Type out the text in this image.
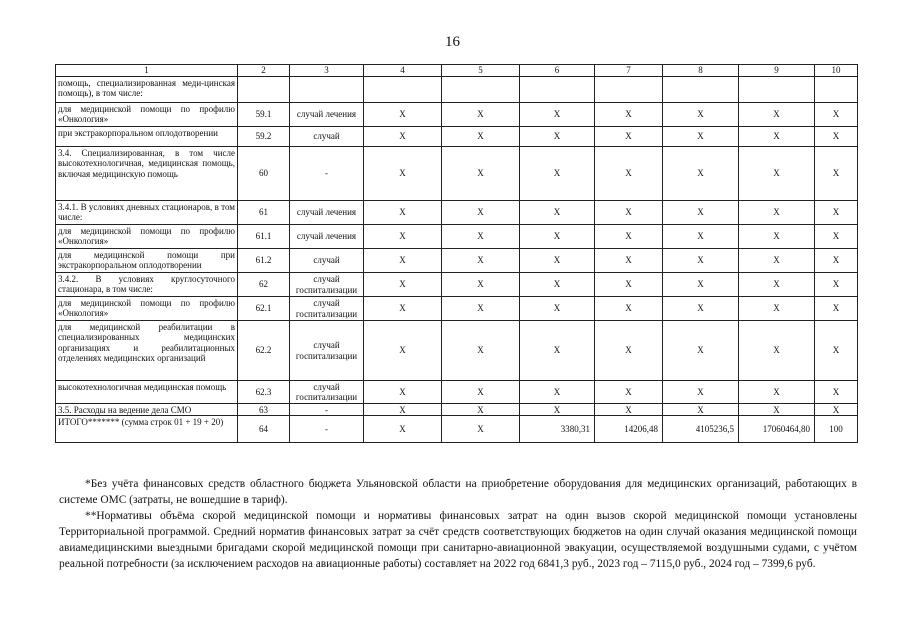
16
1	2	3	4	5	6	7	8	9	10
помощь, специализированная меди-цинская помощь), в том числе:									
для медицинской помощи по профилю «Онкология»	59.1	случай лечения	X	X	X	X	X	X	X
при экстракорпоральном оплодотворении	59.2	случай	X	X	X	X	X	X	X
3.4. Специализированная, в том числе высокотехнологичная, медицинская помощь, включая медицинскую помощь	60	-	X	X	X	X	X	X	X
3.4.1. В условиях дневных стационаров, в том числе:	61	случай лечения	X	X	X	X	X	X	X
для медицинской помощи по профилю «Онкология»	61.1	случай лечения	X	X	X	X	X	X	X
для медицинской помощи при экстракорпоральном оплодотворении	61.2	случай	X	X	X	X	X	X	X
3.4.2. В условиях круглосуточного стационара, в том числе:	62	случай госпитализации	X	X	X	X	X	X	X
для медицинской помощи по профилю «Онкология»	62.1	случай госпитализации	X	X	X	X	X	X	X
для медицинской реабилитации в специализированных медицинских организациях и реабилитационных отделениях медицинских организаций	62.2	случай госпитализации	X	X	X	X	X	X	X
высокотехнологичная медицинская помощь	62.3	случай госпитализации	X	X	X	X	X	X	X
3.5. Расходы на ведение дела СМО	63	-	X	X	X	X	X	X	X
ИТОГО******* (сумма строк 01 + 19 + 20)	64	-	X	X	3380,31	14206,48	4105236,5	17060464,80	100

*Без учёта финансовых средств областного бюджета Ульяновской области на приобретение оборудования для медицинских организаций, работающих в системе ОМС (затраты, не вошедшие в тариф).

**Нормативы объёма скорой медицинской помощи и нормативы финансовых затрат на один вызов скорой медицинской помощи установлены Территориальной программой. Средний норматив финансовых затрат за счёт средств соответствующих бюджетов на один случай оказания медицинской помощи авиамедицинскими выездными бригадами скорой медицинской помощи при санитарно-авиационной эвакуации, осуществляемой воздушными судами, с учётом реальной потребности (за исключением расходов на авиационные работы) составляет на 2022 год 6841,3 руб., 2023 год – 7115,0 руб., 2024 год – 7399,6 руб.
